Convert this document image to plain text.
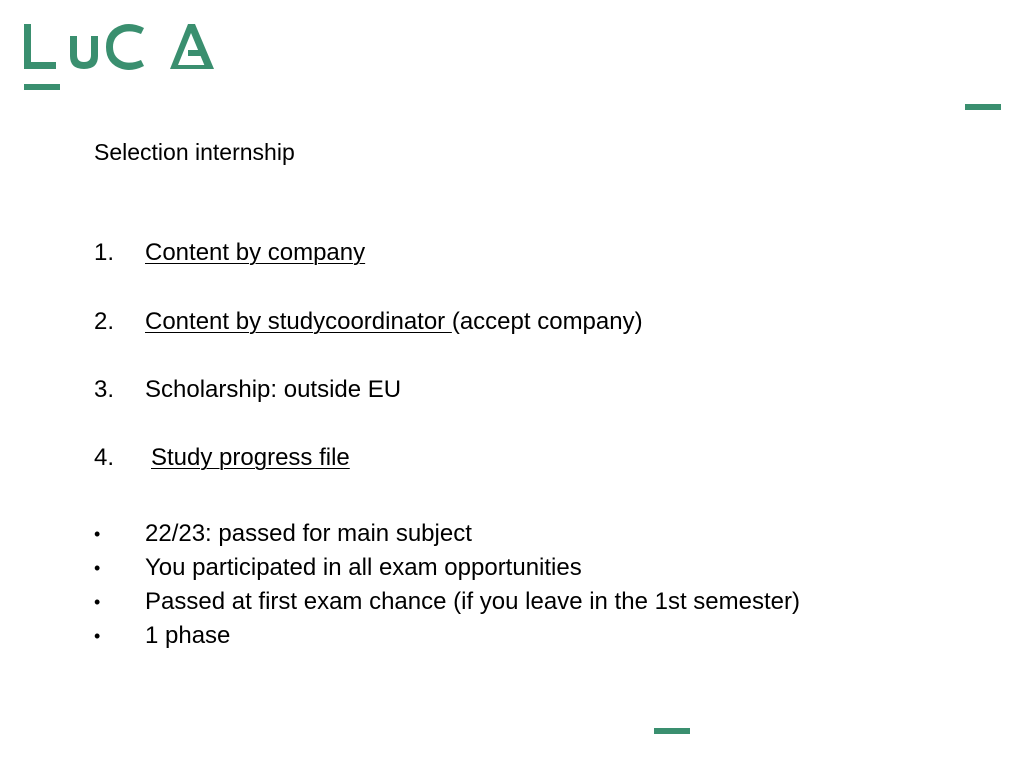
Selection internship
1. Content by company
2. Content by studycoordinator (accept company)
3. Scholarship: outside EU
4. Study progress file
• 22/23: passed for main subject
• You participated in all exam opportunities
• Passed at first exam chance (if you leave in the 1st semester)
• 1 phase
